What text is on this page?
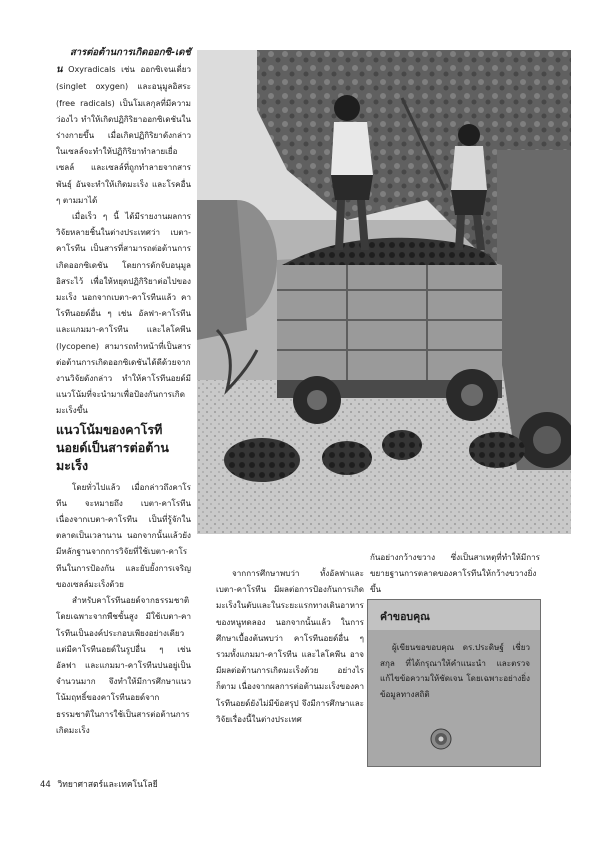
สารต่อต้านการเกิดออกซิ-เดชัน Oxyradicals เช่น ออกซิเจนเดี่ยว (singlet oxygen) และอนุมูลอิสระ (free radicals) เป็นโมเลกุลที่มีความว่องไว ทำให้เกิดปฏิกิริยาออกซิเดชันในร่างกายขึ้น เมื่อเกิดปฏิกิริยาดังกล่าว ในเซลล์จะทำให้ปฏิกิริยาทำลายเยื่อเซลล์ และเซลล์ที่ถูกทำลายจากสารพันธุ์ อันจะทำให้เกิดมะเร็ง และโรคอื่น ๆ ตามมาได้

เมื่อเร็ว ๆ นี้ ได้มีรายงานผลการวิจัยหลายชิ้นในต่างประเทศว่า เบตา-คาโรทีน เป็นสารที่สามารถต่อต้านการเกิดออกซิเดชัน โดยการดักจับอนุมูลอิสระไว้ เพื่อให้หยุดปฏิกิริยาต่อไปของมะเร็ง นอกจากเบตา-คาโรทีนแล้ว คาโรทีนอยด์อื่น ๆ เช่น อัลฟา-คาโรทีน และแกมมา-คาโรทีน และไลโคพีน (lycopene) สามารถทำหน้าที่เป็นสารต่อต้านการเกิดออกซิเดชันได้ดีด้วยจากงานวิจัยดังกล่าว ทำให้คาโรทีนอยด์มีแนวโน้มที่จะนำมาเพื่อป้องกันการเกิดมะเร็งขึ้น

แนวโน้มของคาโรทีนอยด์เป็นสารต่อต้านมะเร็ง

โดยทั่วไปแล้ว เมื่อกล่าวถึงคาโรทีน จะหมายถึง เบตา-คาโรทีน เนื่องจากเบตา-คาโรทีน เป็นที่รู้จักในตลาดเป็นเวลานาน นอกจากนั้นแล้วยังมีหลักฐานจากการวิจัยที่ใช้เบตา-คาโรทีนในการป้องกัน และยับยั้งการเจริญของเซลล์มะเร็งด้วย

สำหรับคาโรทีนอยด์จากธรรมชาติโดยเฉพาะจากพืชชั้นสูง มีใช้เบตา-คาโรทีนเป็นองค์ประกอบเพียงอย่างเดียว แต่มีคาโรทีนอยด์ในรูปอื่น ๆ เช่น อัลฟา และแกมมา-คาโรทีนปนอยู่เป็นจำนวนมาก จึงทำให้มีการศึกษาแนวโน้มฤทธิ์ของคาโรทีนอยด์จากธรรมชาติในการใช้เป็นสารต่อต้านการเกิดมะเร็ง

จากการศึกษาพบว่า ทั้งอัลฟาและเบตา-คาโรทีน มีผลต่อการป้องกันการเกิดมะเร็งในตับและในระยะแรกทางเดินอาหาร ของหนูทดลอง นอกจากนั้นแล้ว ในการศึกษาเบื้องต้นพบว่า คาโรทีนอยด์อื่น ๆ รวมทั้งแกมมา-คาโรทีน และไลโคพีน อาจมีผลต่อต้านการเกิดมะเร็งด้วย อย่างไรก็ตาม เนื่องจากผลการต่อต้านมะเร็งของคาโรทีนอยด์ยังไม่มีข้อสรุป จึงมีการศึกษาและวิจัยเรื่องนี้ในต่างประเทศ

กันอย่างกว้างขวาง ซึ่งเป็นสาเหตุที่ทำให้มีการขยายฐานการตลาดของคาโรทีนให้กว้างขวางยิ่งขึ้น

คำขอบคุณ

ผู้เขียนขอขอบคุณ ดร.ประดิษฐ์ เชี่ยวสกุล ที่ได้กรุณาให้คำแนะนำ และตรวจแก้ไขข้อความให้ชัดเจน โดยเฉพาะอย่างยิ่งข้อมูลทางสถิติ

44 วิทยาศาสตร์และเทคโนโลยี
